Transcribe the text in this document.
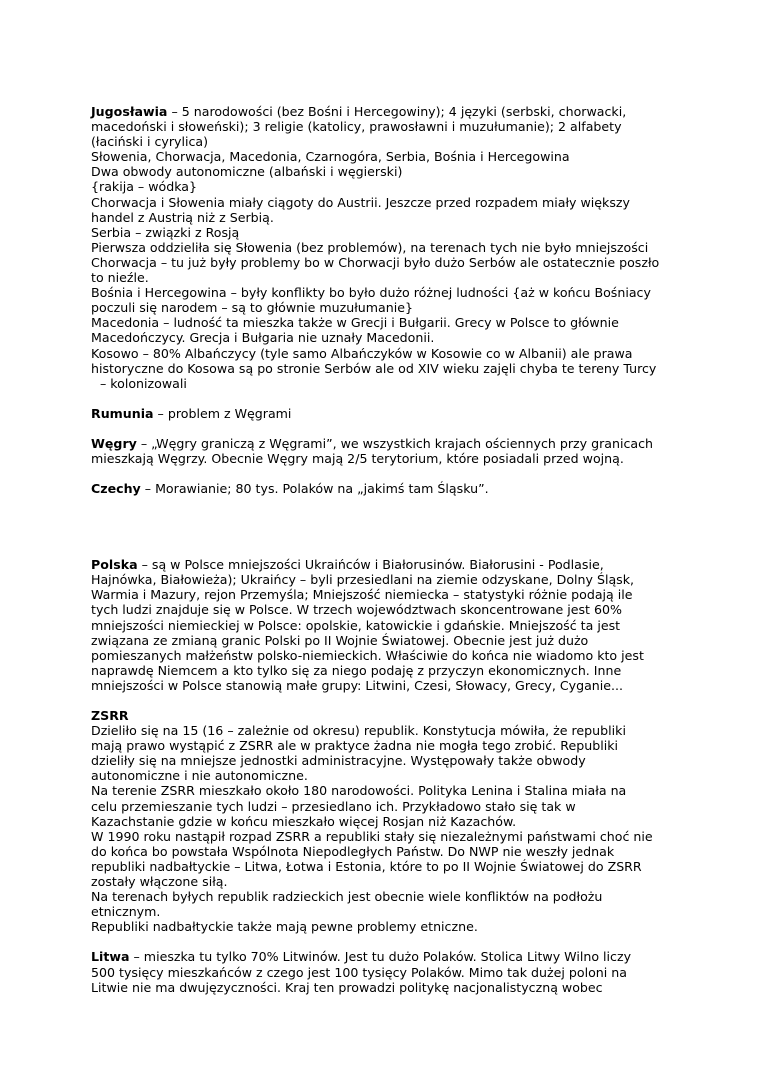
Jugosławia – 5 narodowości (bez Bośni i Hercegowiny); 4 języki (serbski, chorwacki,
macedoński i słoweński); 3 religie (katolicy, prawosławni i muzułumanie); 2 alfabety
(łaciński i cyrylica)
Słowenia, Chorwacja, Macedonia, Czarnogóra, Serbia, Bośnia i Hercegowina
Dwa obwody autonomiczne (albański i węgierski)
{rakija – wódka}
Chorwacja i Słowenia miały ciągoty do Austrii. Jeszcze przed rozpadem miały większy
handel z Austrią niż z Serbią.
Serbia – związki z Rosją
Pierwsza oddzieliła się Słowenia (bez problemów), na terenach tych nie było mniejszości
Chorwacja – tu już były problemy bo w Chorwacji było dużo Serbów ale ostatecznie poszło
to nieźle.
Bośnia i Hercegowina – były konflikty bo było dużo różnej ludności {aż w końcu Bośniacy
poczuli się narodem – są to głównie muzułumanie}
Macedonia – ludność ta mieszka także w Grecji i Bułgarii. Grecy w Polsce to głównie
Macedończycy. Grecja i Bułgaria nie uznały Macedonii.
Kosowo – 80% Albańczycy (tyle samo Albańczyków w Kosowie co w Albanii) ale prawa
historyczne do Kosowa są po stronie Serbów ale od XIV wieku zajęli chyba te tereny Turcy
– kolonizowali
Rumunia – problem z Węgrami
Węgry – „Węgry graniczą z Węgrami”, we wszystkich krajach ościennych przy granicach
mieszkają Węgrzy. Obecnie Węgry mają 2/5 terytorium, które posiadali przed wojną.
Czechy – Morawianie; 80 tys. Polaków na „jakimś tam Śląsku”.
Polska – są w Polsce mniejszości Ukraińców i Białorusinów. Białorusini - Podlasie,
Hajnówka, Białowieża); Ukraińcy – byli przesiedlani na ziemie odzyskane, Dolny Śląsk,
Warmia i Mazury, rejon Przemyśla; Mniejszość niemiecka – statystyki różnie podają ile
tych ludzi znajduje się w Polsce. W trzech województwach skoncentrowane jest 60%
mniejszości niemieckiej w Polsce: opolskie, katowickie i gdańskie. Mniejszość ta jest
związana ze zmianą granic Polski po II Wojnie Światowej. Obecnie jest już dużo
pomieszanych małżeństw polsko-niemieckich. Właściwie do końca nie wiadomo kto jest
naprawdę Niemcem a kto tylko się za niego podaję z przyczyn ekonomicznych. Inne
mniejszości w Polsce stanowią małe grupy: Litwini, Czesi, Słowacy, Grecy, Cyganie...
ZSRR
Dzieliło się na 15 (16 – zależnie od okresu) republik. Konstytucja mówiła, że republiki
mają prawo wystąpić z ZSRR ale w praktyce żadna nie mogła tego zrobić. Republiki
dzieliły się na mniejsze jednostki administracyjne. Występowały także obwody
autonomiczne i nie autonomiczne.
Na terenie ZSRR mieszkało około 180 narodowości. Polityka Lenina i Stalina miała na
celu przemieszanie tych ludzi – przesiedlano ich. Przykładowo stało się tak w
Kazachstanie gdzie w końcu mieszkało więcej Rosjan niż Kazachów.
W 1990 roku nastąpił rozpad ZSRR a republiki stały się niezależnymi państwami choć nie
do końca bo powstała Wspólnota Niepodległych Państw. Do NWP nie weszły jednak
republiki nadbałtyckie – Litwa, Łotwa i Estonia, które to po II Wojnie Światowej do ZSRR
zostały włączone siłą.
Na terenach byłych republik radzieckich jest obecnie wiele konfliktów na podłożu
etnicznym.
Republiki nadbałtyckie także mają pewne problemy etniczne.
Litwa – mieszka tu tylko 70% Litwinów. Jest tu dużo Polaków. Stolica Litwy Wilno liczy
500 tysięcy mieszkańców z czego jest 100 tysięcy Polaków. Mimo tak dużej poloni na
Litwie nie ma dwujęzyczności. Kraj ten prowadzi politykę nacjonalistyczną wobec
